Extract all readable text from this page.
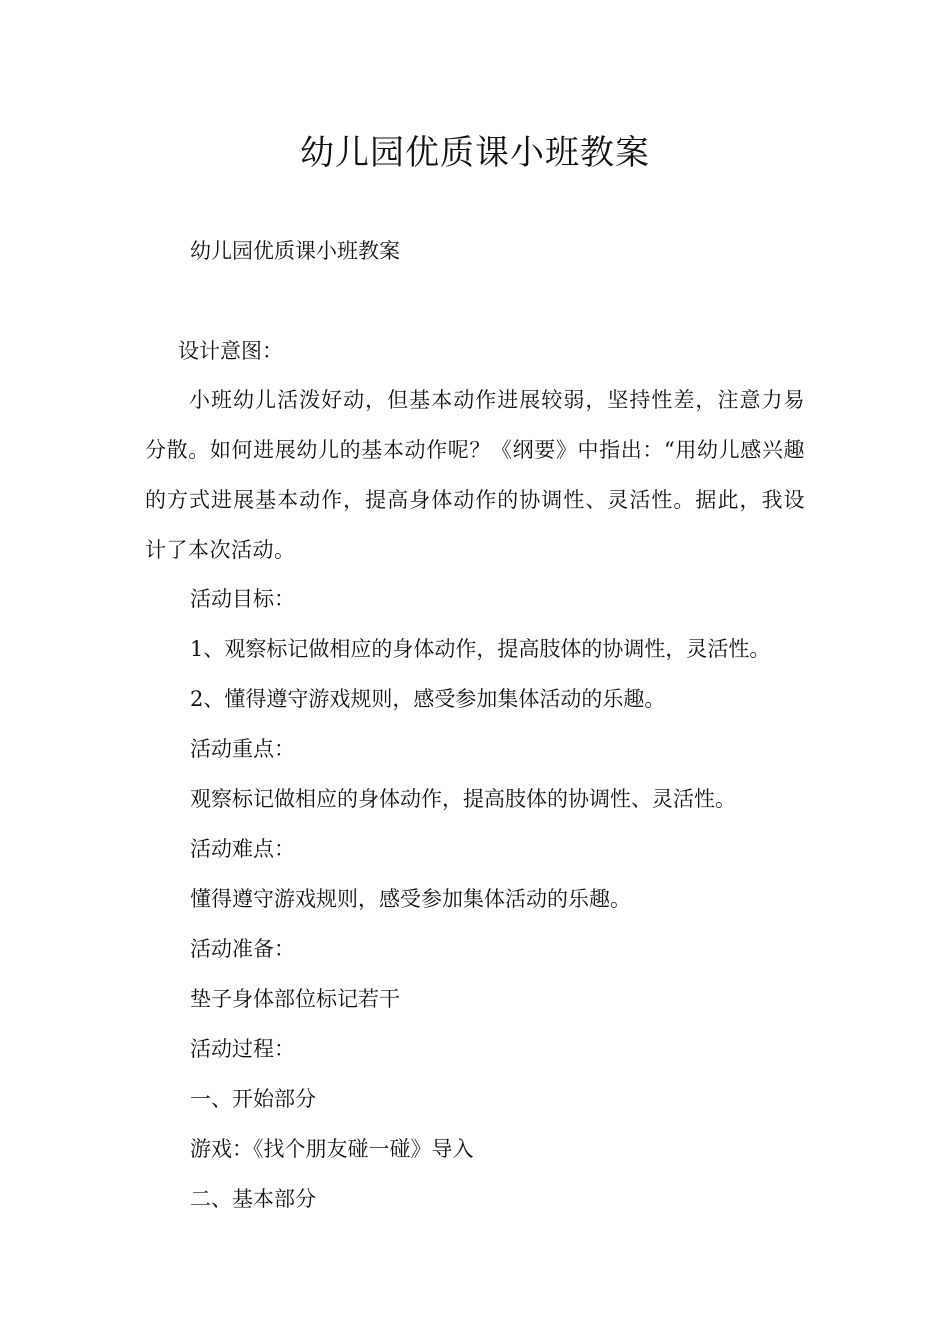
幼儿园优质课小班教案
幼儿园优质课小班教案
设计意图：
小班幼儿活泼好动，但基本动作进展较弱，坚持性差，注意力易分散。如何进展幼儿的基本动作呢？《纲要》中指出：“用幼儿感兴趣的方式进展基本动作，提高身体动作的协调性、灵活性。据此，我设计了本次活动。
活动目标：
1、观察标记做相应的身体动作，提高肢体的协调性，灵活性。
2、懂得遵守游戏规则，感受参加集体活动的乐趣。
活动重点：
观察标记做相应的身体动作，提高肢体的协调性、灵活性。
活动难点：
懂得遵守游戏规则，感受参加集体活动的乐趣。
活动准备：
垫子身体部位标记若干
活动过程：
一、开始部分
游戏：《找个朋友碰一碰》导入
二、基本部分
